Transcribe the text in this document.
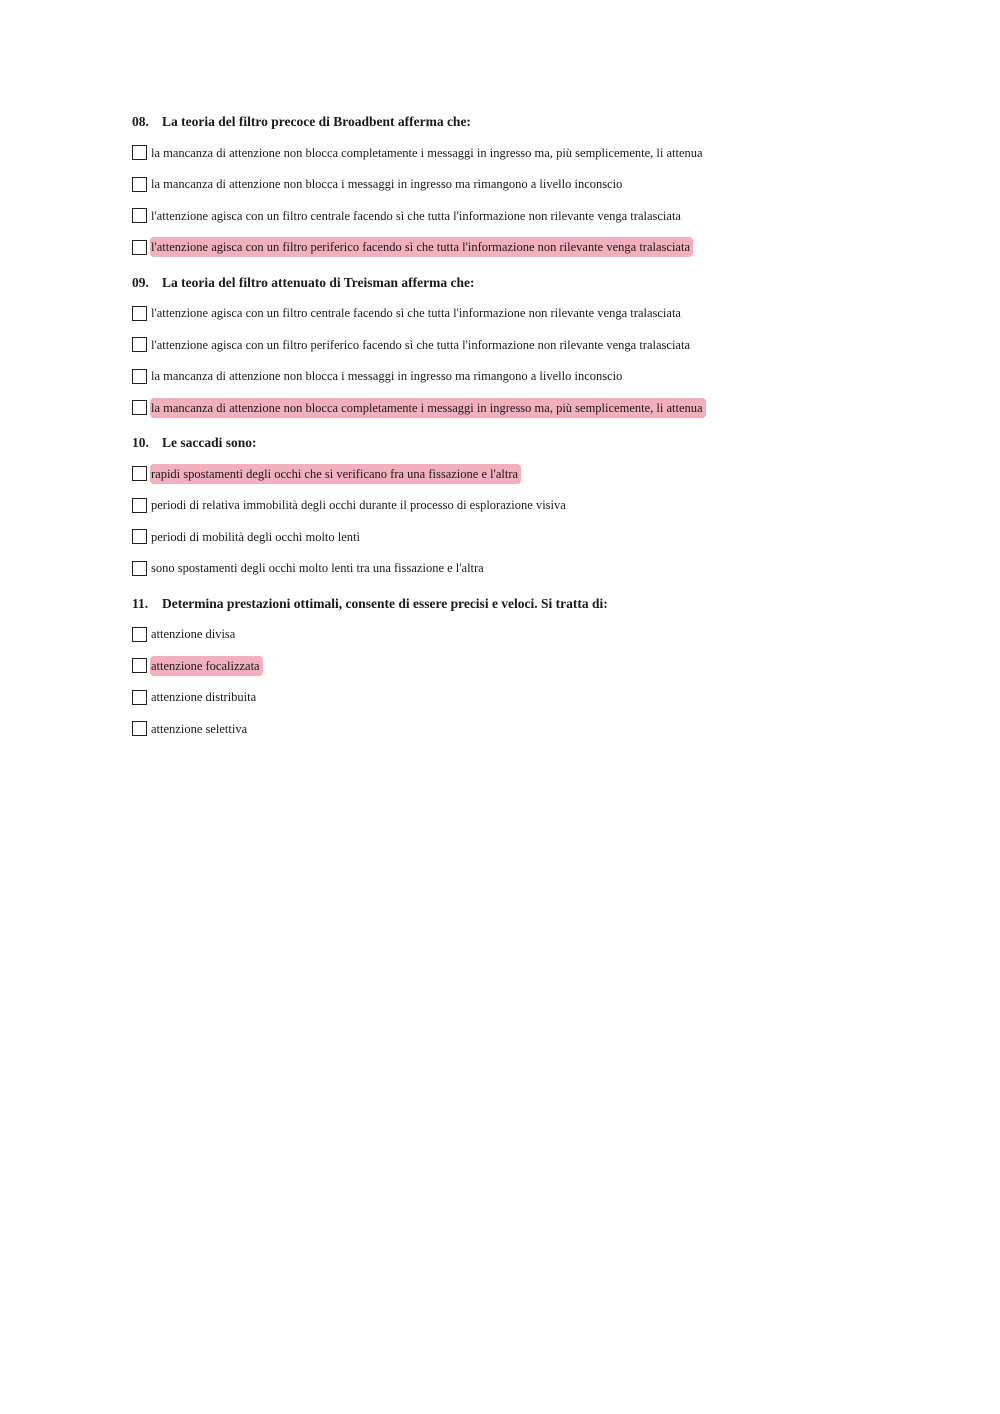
08. La teoria del filtro precoce di Broadbent afferma che:
la mancanza di attenzione non blocca completamente i messaggi in ingresso ma, più semplicemente, li attenua
la mancanza di attenzione non blocca i messaggi in ingresso ma rimangono a livello inconscio
l'attenzione agisca con un filtro centrale facendo sì che tutta l'informazione non rilevante venga tralasciata
l'attenzione agisca con un filtro periferico facendo sì che tutta l'informazione non rilevante venga tralasciata
09. La teoria del filtro attenuato di Treisman afferma che:
l'attenzione agisca con un filtro centrale facendo sì che tutta l'informazione non rilevante venga tralasciata
l'attenzione agisca con un filtro periferico facendo sì che tutta l'informazione non rilevante venga tralasciata
la mancanza di attenzione non blocca i messaggi in ingresso ma rimangono a livello inconscio
la mancanza di attenzione non blocca completamente i messaggi in ingresso ma, più semplicemente, li attenua
10. Le saccadi sono:
rapidi spostamenti degli occhi che si verificano fra una fissazione e l'altra
periodi di relativa immobilità degli occhi durante il processo di esplorazione visiva
periodi di mobilità degli occhi molto lenti
sono spostamenti degli occhi molto lenti tra una fissazione e l'altra
11. Determina prestazioni ottimali, consente di essere precisi e veloci. Si tratta di:
attenzione divisa
attenzione focalizzata
attenzione distribuita
attenzione selettiva
